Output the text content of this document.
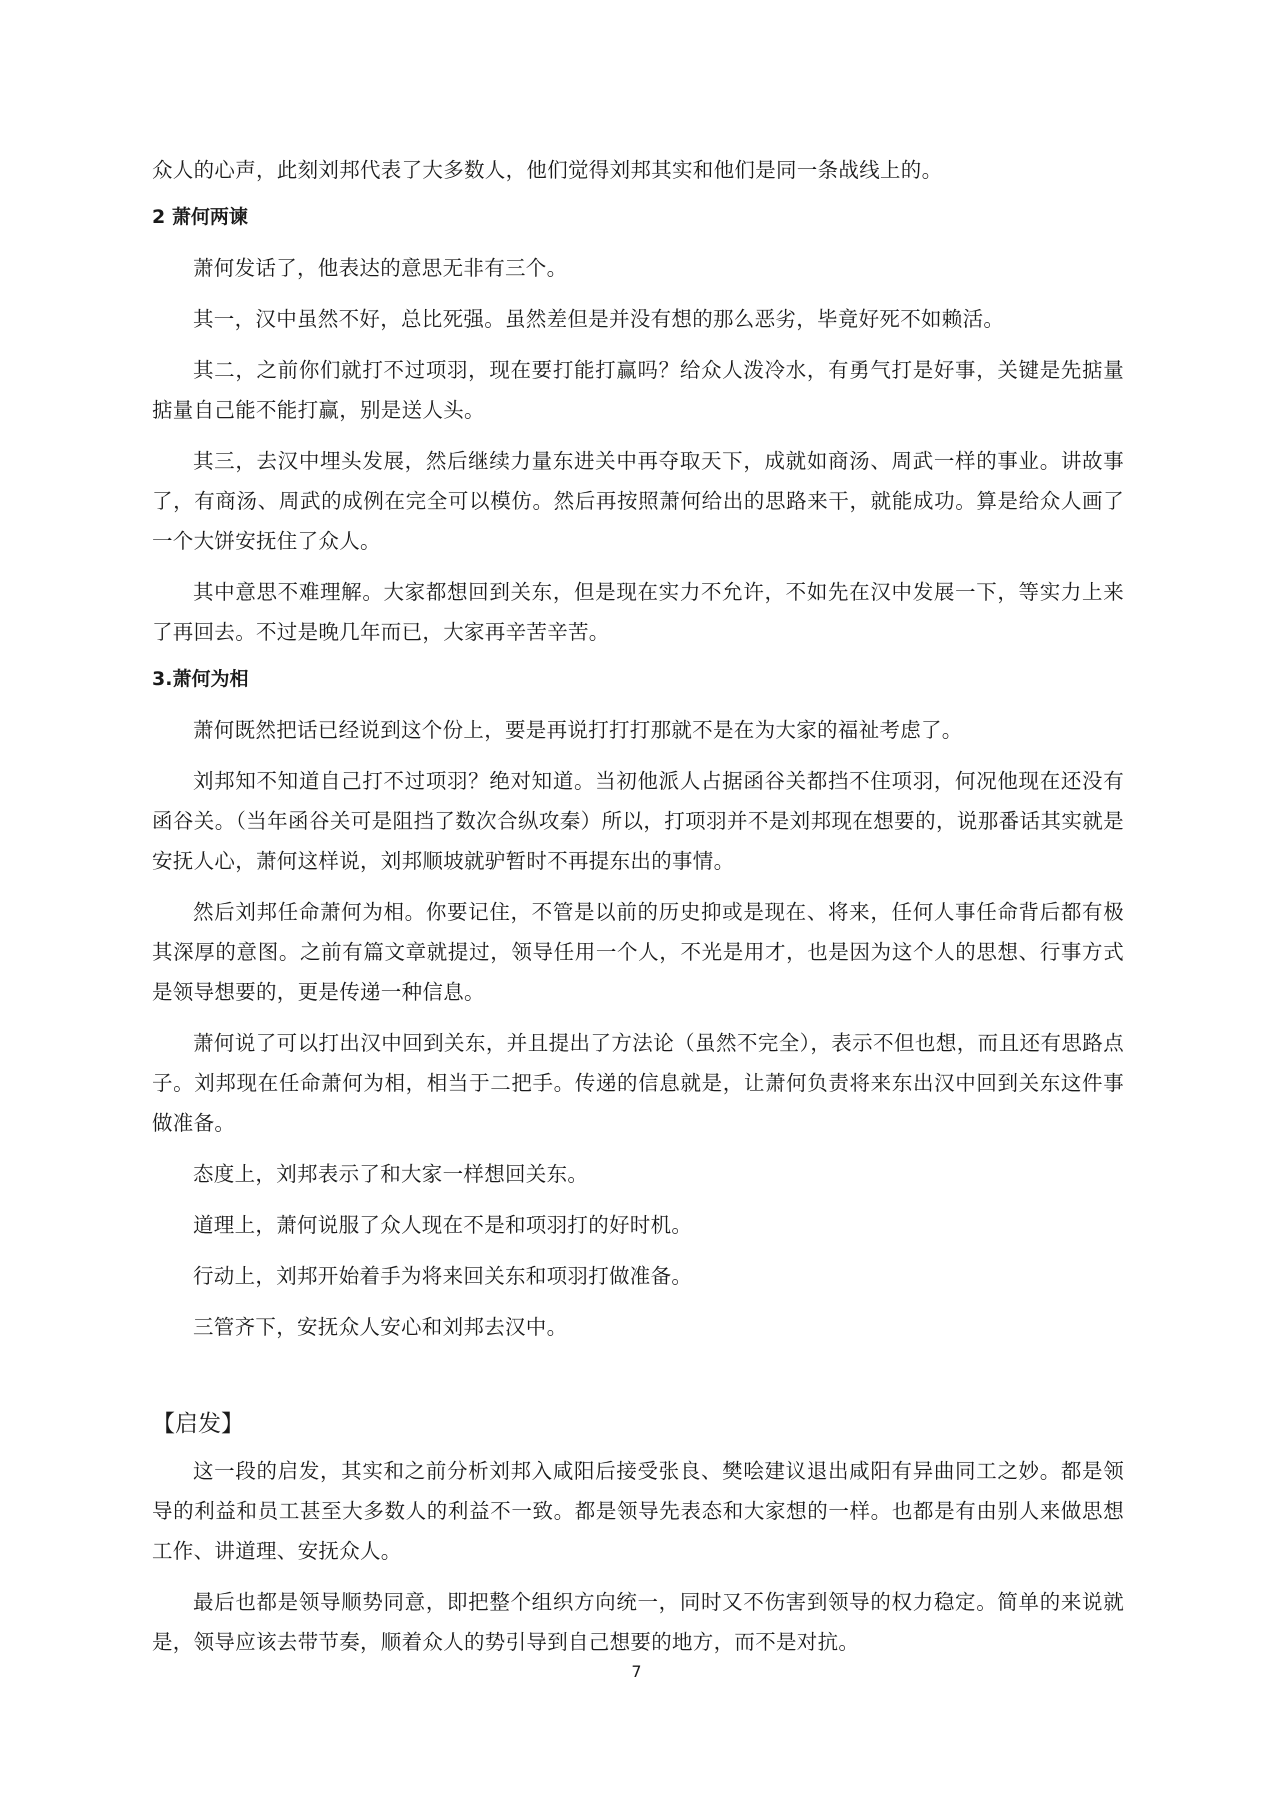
众人的心声，此刻刘邦代表了大多数人，他们觉得刘邦其实和他们是同一条战线上的。

2 萧何两谏

萧何发话了，他表达的意思无非有三个。

其一，汉中虽然不好，总比死强。虽然差但是并没有想的那么恶劣，毕竟好死不如赖活。

其二，之前你们就打不过项羽，现在要打能打赢吗？给众人泼冷水，有勇气打是好事，关键是先掂量掂量自己能不能打赢，别是送人头。

其三，去汉中埋头发展，然后继续力量东进关中再夺取天下，成就如商汤、周武一样的事业。讲故事了，有商汤、周武的成例在完全可以模仿。然后再按照萧何给出的思路来干，就能成功。算是给众人画了一个大饼安抚住了众人。

其中意思不难理解。大家都想回到关东，但是现在实力不允许，不如先在汉中发展一下，等实力上来了再回去。不过是晚几年而已，大家再辛苦辛苦。

3.萧何为相

萧何既然把话已经说到这个份上，要是再说打打打那就不是在为大家的福祉考虑了。

刘邦知不知道自己打不过项羽？绝对知道。当初他派人占据函谷关都挡不住项羽，何况他现在还没有函谷关。（当年函谷关可是阻挡了数次合纵攻秦）所以，打项羽并不是刘邦现在想要的，说那番话其实就是安抚人心，萧何这样说，刘邦顺坡就驴暂时不再提东出的事情。

然后刘邦任命萧何为相。你要记住，不管是以前的历史抑或是现在、将来，任何人事任命背后都有极其深厚的意图。之前有篇文章就提过，领导任用一个人，不光是用才，也是因为这个人的思想、行事方式是领导想要的，更是传递一种信息。

萧何说了可以打出汉中回到关东，并且提出了方法论（虽然不完全），表示不但也想，而且还有思路点子。刘邦现在任命萧何为相，相当于二把手。传递的信息就是，让萧何负责将来东出汉中回到关东这件事做准备。

态度上，刘邦表示了和大家一样想回关东。

道理上，萧何说服了众人现在不是和项羽打的好时机。

行动上，刘邦开始着手为将来回关东和项羽打做准备。

三管齐下，安抚众人安心和刘邦去汉中。

【启发】

这一段的启发，其实和之前分析刘邦入咸阳后接受张良、樊哙建议退出咸阳有异曲同工之妙。都是领导的利益和员工甚至大多数人的利益不一致。都是领导先表态和大家想的一样。也都是有由别人来做思想工作、讲道理、安抚众人。

最后也都是领导顺势同意，即把整个组织方向统一，同时又不伤害到领导的权力稳定。简单的来说就是，领导应该去带节奏，顺着众人的势引导到自己想要的地方，而不是对抗。

7
